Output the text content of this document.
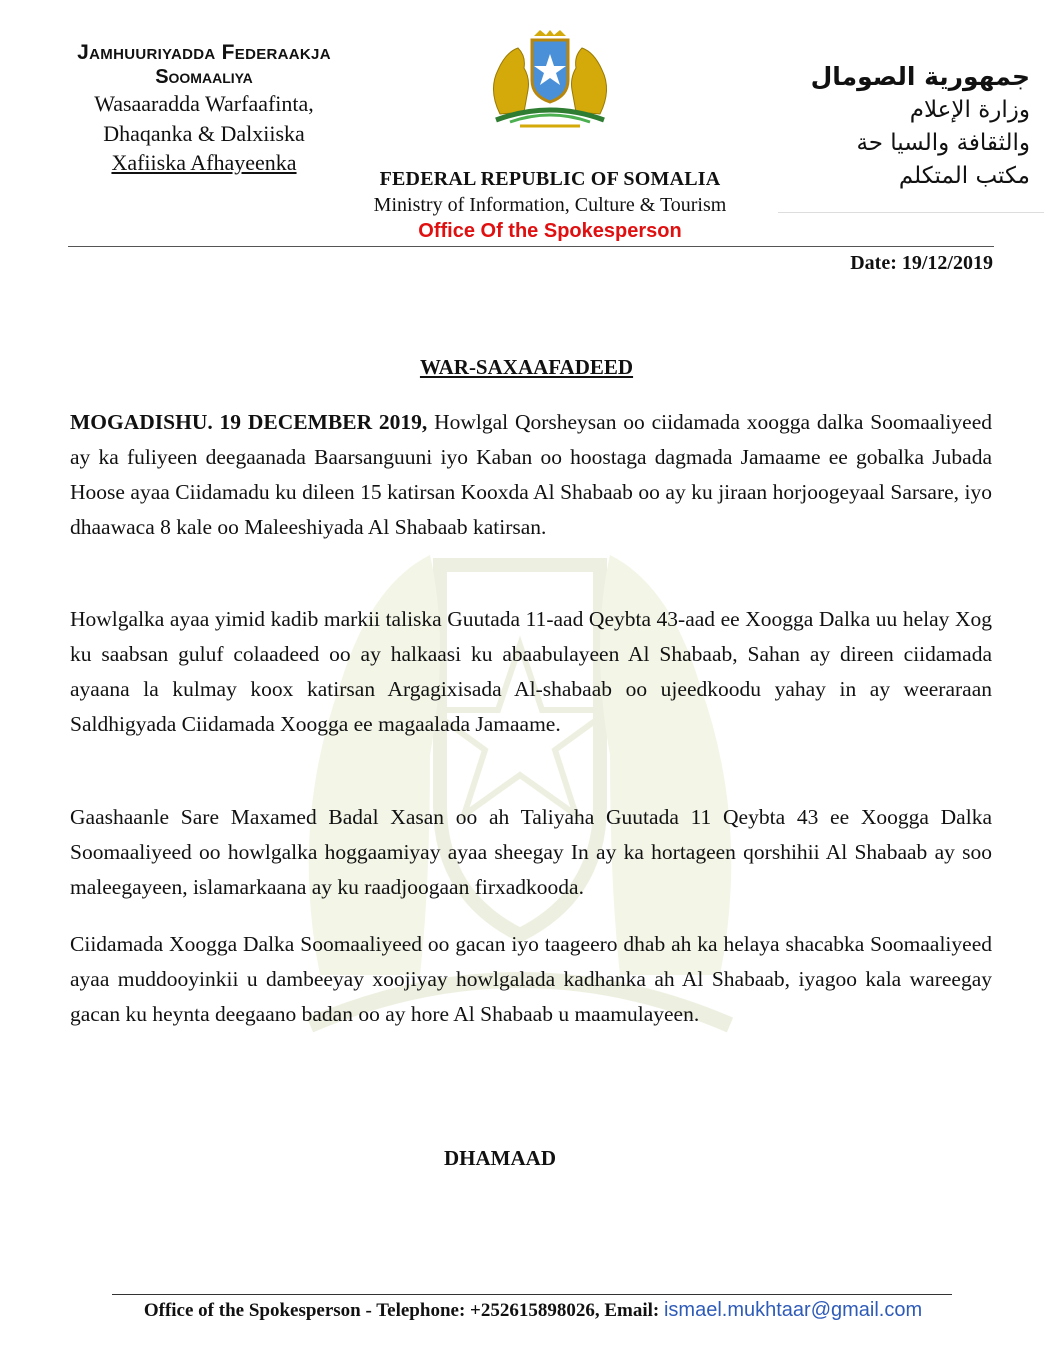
Jamhuuriyadda Federaakja
Soomaaliya
Wasaaradda Warfaafinta,
Dhaqanka & Dalxiiska
Xafiiska Afhayeenka
جمهورية الصومال
وزارة الإعلام
والثقافة والسيا حة
مكتب المتكلم
FEDERAL REPUBLIC OF SOMALIA
Ministry of Information, Culture & Tourism
Office Of the Spokesperson
Date: 19/12/2019
WAR-SAXAAFADEED
MOGADISHU. 19 DECEMBER 2019, Howlgal Qorsheysan oo ciidamada xoogga dalka Soomaaliyeed ay ka fuliyeen deegaanada Baarsanguuni iyo Kaban oo hoostaga dagmada Jamaame ee gobalka Jubada Hoose ayaa Ciidamadu ku dileen 15 katirsan Kooxda Al Shabaab oo ay ku jiraan horjoogeyaal Sarsare, iyo dhaawaca 8 kale oo Maleeshiyada Al Shabaab katirsan.
Howlgalka ayaa yimid kadib markii taliska Guutada 11-aad Qeybta 43-aad ee Xoogga Dalka uu helay Xog ku saabsan guluf colaadeed oo ay halkaasi ku abaabulayeen Al Shabaab, Sahan ay direen ciidamada ayaana la kulmay koox katirsan Argagixisada Al-shabaab oo ujeedkoodu yahay in ay weeraraan Saldhigyada Ciidamada Xoogga ee magaalada Jamaame.
Gaashaanle Sare Maxamed Badal Xasan oo ah Taliyaha Guutada 11 Qeybta 43 ee Xoogga Dalka Soomaaliyeed oo howlgalka hoggaamiyay ayaa sheegay In ay ka hortageen qorshihii Al Shabaab ay soo maleegayeen, islamarkaana ay ku raadjoogaan firxadkooda.
Ciidamada Xoogga Dalka Soomaaliyeed oo gacan iyo taageero dhab ah ka helaya shacabka Soomaaliyeed ayaa muddooyinkii u dambeeyay xoojiyay howlgalada kadhanka ah Al Shabaab, iyagoo kala wareegay gacan ku heynta deegaano badan oo ay hore Al Shabaab u maamulayeen.
DHAMAAD
Office of the Spokesperson - Telephone: +252615898026, Email: ismael.mukhtaar@gmail.com
